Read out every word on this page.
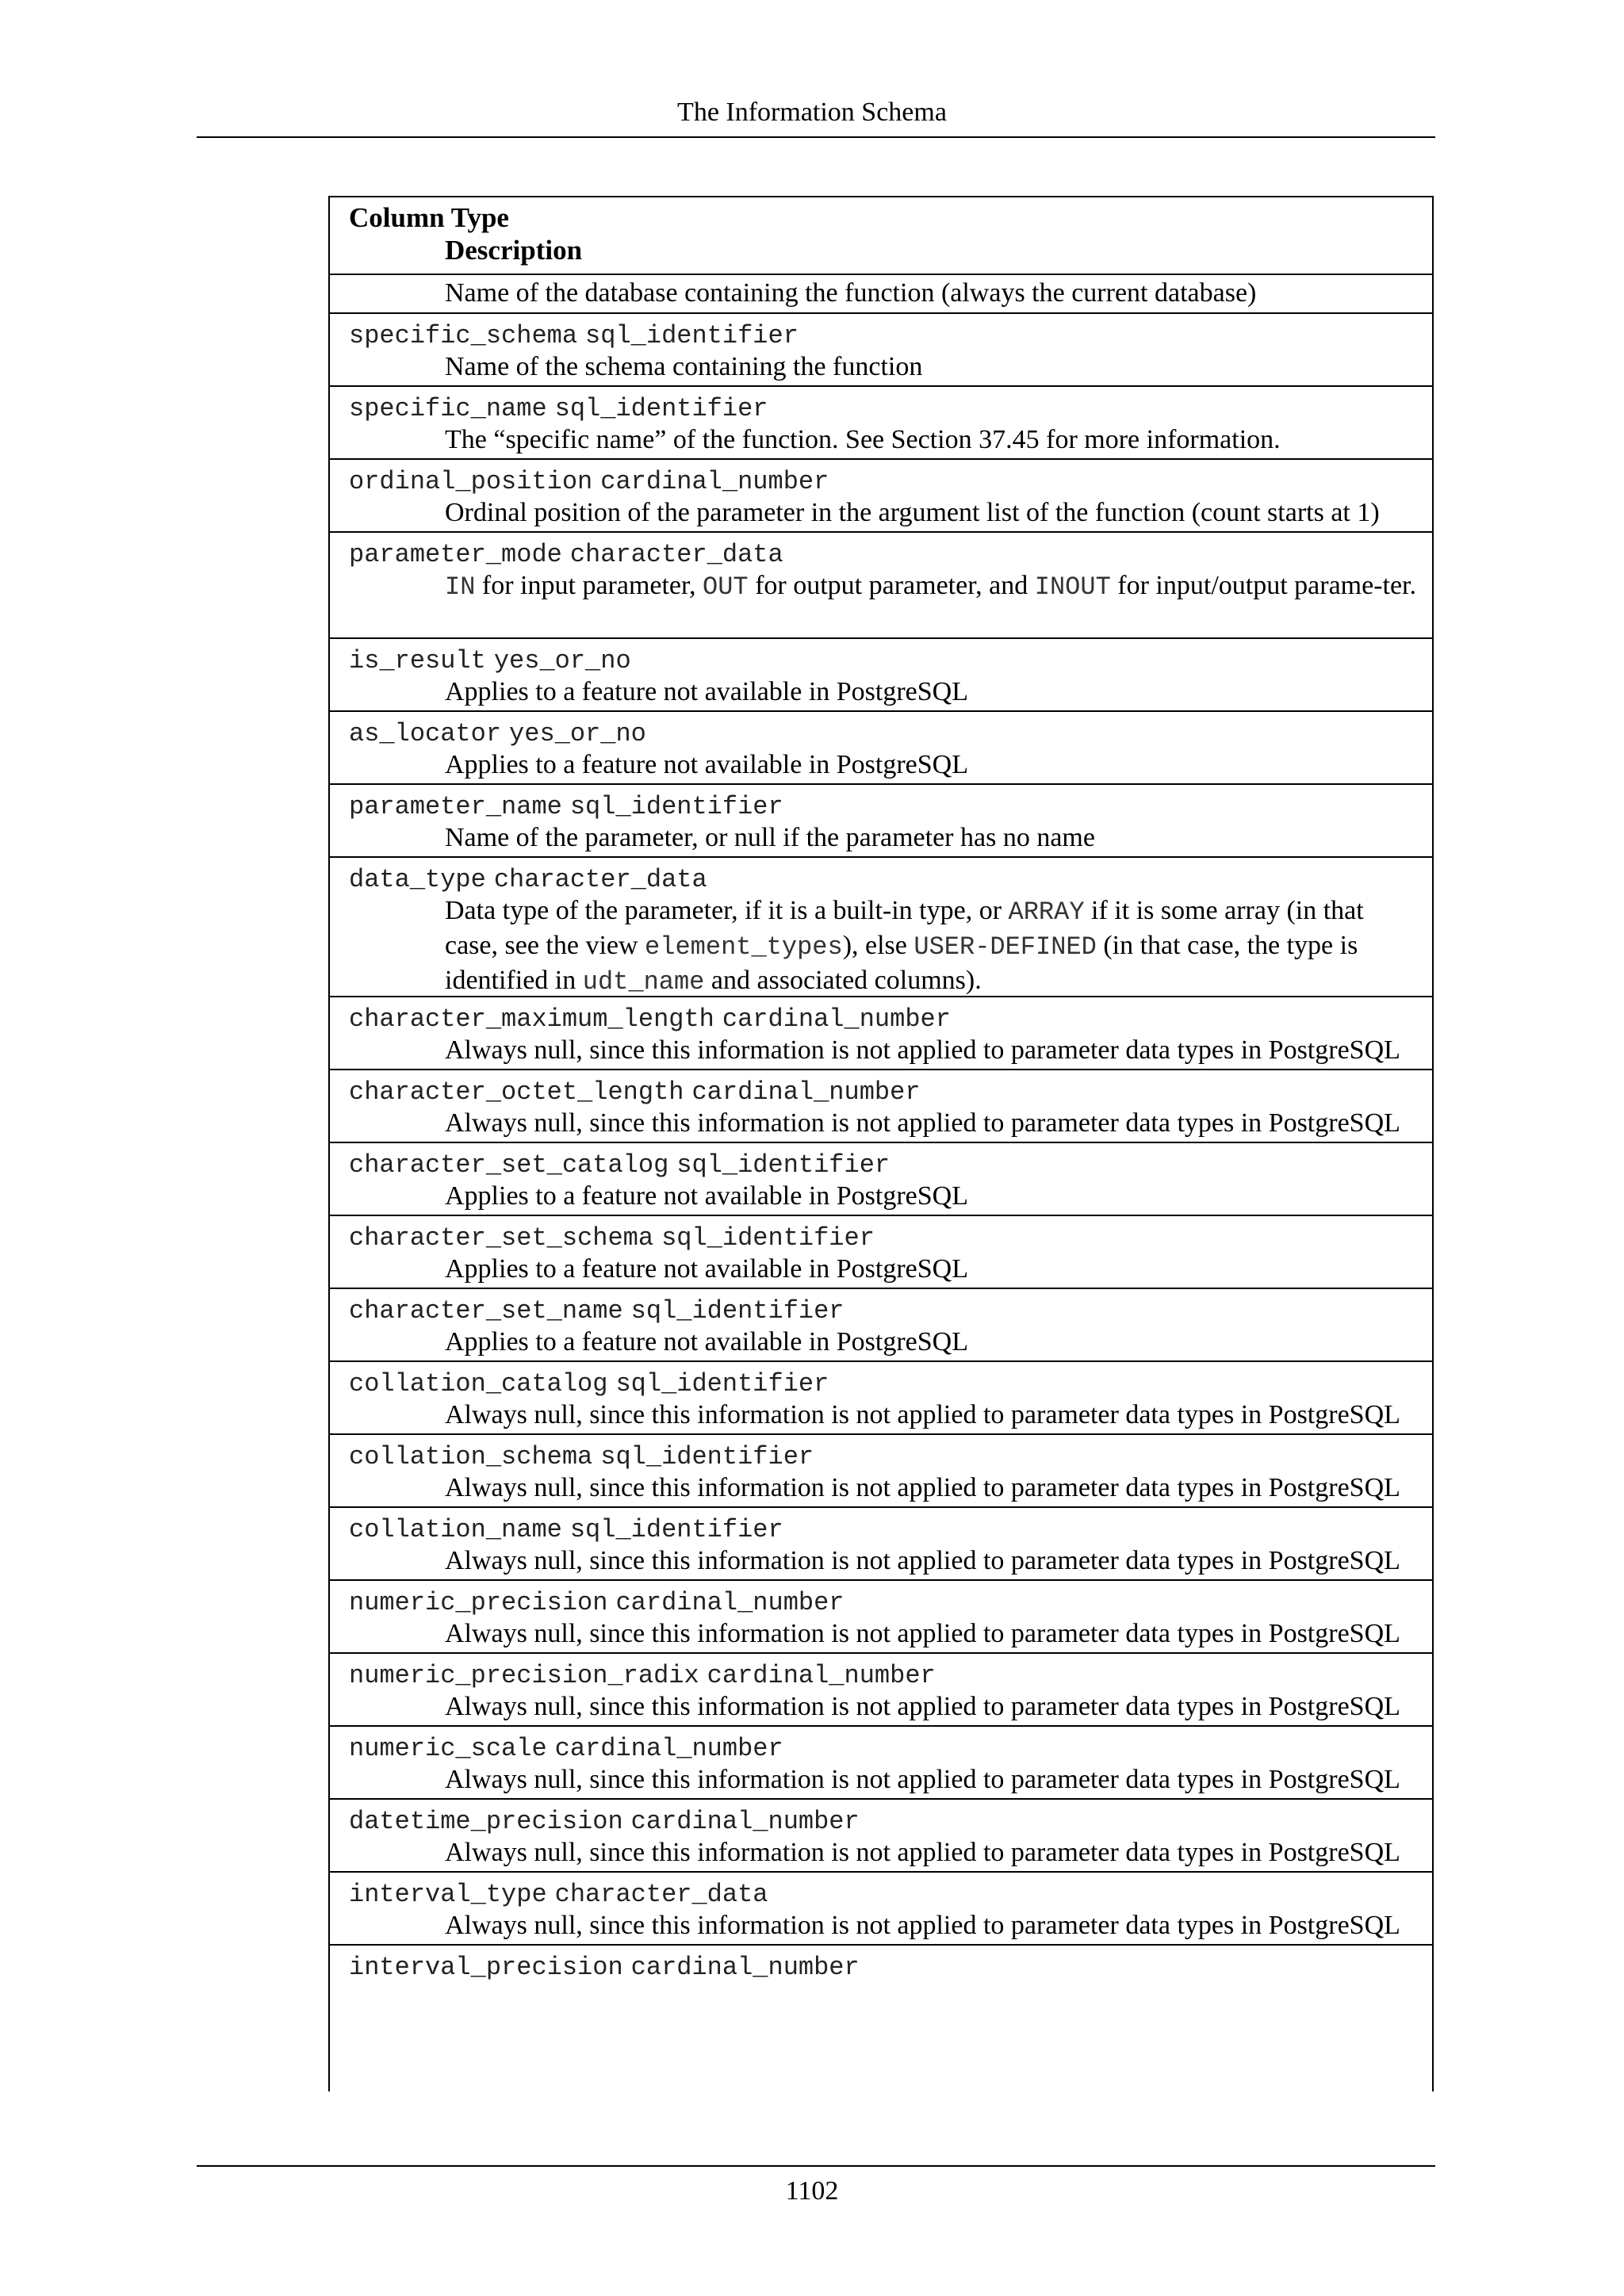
The Information Schema
Column Type
Description
Name of the database containing the function (always the current database)
specific_schema sql_identifier
Name of the schema containing the function
specific_name sql_identifier
The “specific name” of the function. See Section 37.45 for more information.
ordinal_position cardinal_number
Ordinal position of the parameter in the argument list of the function (count starts at 1)
parameter_mode character_data
IN for input parameter, OUT for output parameter, and INOUT for input/output parame-ter.
is_result yes_or_no
Applies to a feature not available in PostgreSQL
as_locator yes_or_no
Applies to a feature not available in PostgreSQL
parameter_name sql_identifier
Name of the parameter, or null if the parameter has no name
data_type character_data
Data type of the parameter, if it is a built-in type, or ARRAY if it is some array (in that case, see the view element_types), else USER-DEFINED (in that case, the type is identified in udt_name and associated columns).
character_maximum_length cardinal_number
Always null, since this information is not applied to parameter data types in PostgreSQL
character_octet_length cardinal_number
Always null, since this information is not applied to parameter data types in PostgreSQL
character_set_catalog sql_identifier
Applies to a feature not available in PostgreSQL
character_set_schema sql_identifier
Applies to a feature not available in PostgreSQL
character_set_name sql_identifier
Applies to a feature not available in PostgreSQL
collation_catalog sql_identifier
Always null, since this information is not applied to parameter data types in PostgreSQL
collation_schema sql_identifier
Always null, since this information is not applied to parameter data types in PostgreSQL
collation_name sql_identifier
Always null, since this information is not applied to parameter data types in PostgreSQL
numeric_precision cardinal_number
Always null, since this information is not applied to parameter data types in PostgreSQL
numeric_precision_radix cardinal_number
Always null, since this information is not applied to parameter data types in PostgreSQL
numeric_scale cardinal_number
Always null, since this information is not applied to parameter data types in PostgreSQL
datetime_precision cardinal_number
Always null, since this information is not applied to parameter data types in PostgreSQL
interval_type character_data
Always null, since this information is not applied to parameter data types in PostgreSQL
interval_precision cardinal_number
1102
